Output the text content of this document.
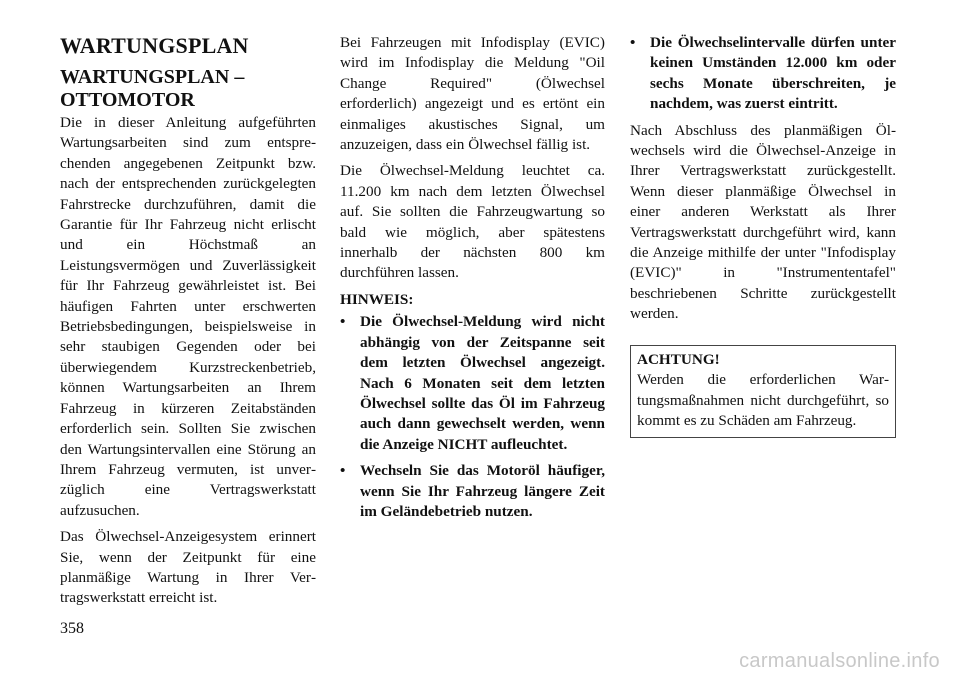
WARTUNGSPLAN
WARTUNGSPLAN – OTTOMOTOR

Die in dieser Anleitung aufgeführten Wartungsarbeiten sind zum entsprechenden angegebenen Zeitpunkt bzw. nach der entsprechenden zurückgelegten Fahrstrecke durchzuführen, damit die Garantie für Ihr Fahrzeug nicht erlischt und ein Höchstmaß an Leistungsvermögen und Zuverlässigkeit für Ihr Fahrzeug gewährleistet ist. Bei häufigen Fahrten unter erschwerten Betriebsbedingungen, beispielsweise in sehr staubigen Gegenden oder bei überwiegendem Kurzstreckenbetrieb, können Wartungsarbeiten an Ihrem Fahrzeug in kürzeren Zeitabständen erforderlich sein. Sollten Sie zwischen den Wartungsintervallen eine Störung an Ihrem Fahrzeug vermuten, ist unverzüglich eine Vertragswerkstatt aufzusuchen.

Das Ölwechsel-Anzeigesystem erinnert Sie, wenn der Zeitpunkt für eine planmäßige Wartung in Ihrer Vertragswerkstatt erreicht ist.

Bei Fahrzeugen mit Infodisplay (EVIC) wird im Infodisplay die Meldung "Oil Change Required" (Ölwechsel erforderlich) angezeigt und es ertönt ein einmaliges akustisches Signal, um anzuzeigen, dass ein Ölwechsel fällig ist.

Die Ölwechsel-Meldung leuchtet ca. 11.200 km nach dem letzten Ölwechsel auf. Sie sollten die Fahrzeugwartung so bald wie möglich, aber spätestens innerhalb der nächsten 800 km durchführen lassen.

HINWEIS:

• Die Ölwechsel-Meldung wird nicht abhängig von der Zeitspanne seit dem letzten Ölwechsel angezeigt. Nach 6 Monaten seit dem letzten Ölwechsel sollte das Öl im Fahrzeug auch dann gewechselt werden, wenn die Anzeige NICHT aufleuchtet.
• Wechseln Sie das Motoröl häufiger, wenn Sie Ihr Fahrzeug längere Zeit im Geländebetrieb nutzen.
• Die Ölwechselintervalle dürfen unter keinen Umständen 12.000 km oder sechs Monate überschreiten, je nachdem, was zuerst eintritt.

Nach Abschluss des planmäßigen Ölwechsels wird die Ölwechsel-Anzeige in Ihrer Vertragswerkstatt zurückgestellt. Wenn dieser planmäßige Ölwechsel in einer anderen Werkstatt als Ihrer Vertragswerkstatt durchgeführt wird, kann die Anzeige mithilfe der unter "Infodisplay (EVIC)" in "Instrumententafel" beschriebenen Schritte zurückgestellt werden.

ACHTUNG!
Werden die erforderlichen Wartungsmaßnahmen nicht durchgeführt, so kommt es zu Schäden am Fahrzeug.
358
carmanualsonline.info
